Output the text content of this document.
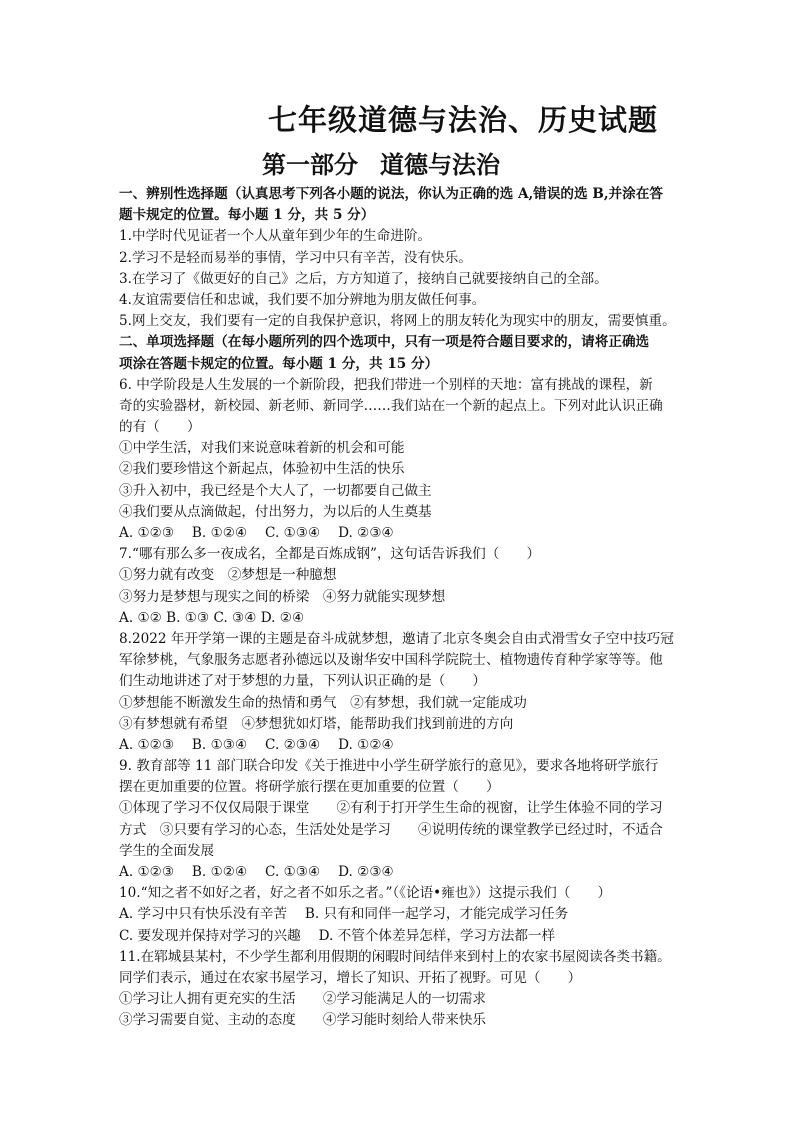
七年级道德与法治、历史试题
第一部分 道德与法治
一、辨别性选择题（认真思考下列各小题的说法，你认为正确的选 A,错误的选 B,并涂在答
题卡规定的位置。每小题 1 分，共 5 分）
1.中学时代见证者一个人从童年到少年的生命进阶。
2.学习不是轻而易举的事情，学习中只有辛苦，没有快乐。
3.在学习了《做更好的自己》之后，方方知道了，接纳自己就要接纳自己的全部。
4.友谊需要信任和忠诚，我们要不加分辨地为朋友做任何事。
5.网上交友，我们要有一定的自我保护意识，将网上的朋友转化为现实中的朋友，需要慎重。
二、单项选择题（在每小题所列的四个选项中，只有一项是符合题目要求的，请将正确选
项涂在答题卡规定的位置。每小题 1 分，共 15 分）
6. 中学阶段是人生发展的一个新阶段，把我们带进一个别样的天地：富有挑战的课程，新
奇的实验器材，新校园、新老师、新同学……我们站在一个新的起点上。下列对此认识正确
的有（　　）
①中学生活，对我们来说意味着新的机会和可能
②我们要珍惜这个新起点，体验初中生活的快乐
③升入初中，我已经是个大人了，一切都要自己做主
④我们要从点滴做起，付出努力，为以后的人生奠基
A. ①②③　 B. ①②④　 C. ①③④　 D. ②③④
7.“哪有那么多一夜成名，全都是百炼成钢”，这句话告诉我们（　　）
①努力就有改变　②梦想是一种臆想
③努力是梦想与现实之间的桥梁　④努力就能实现梦想
A. ①② B. ①③ C. ③④ D. ②④
8.2022 年开学第一课的主题是奋斗成就梦想，邀请了北京冬奥会自由式滑雪女子空中技巧冠
军徐梦桃，气象服务志愿者孙德远以及谢华安中国科学院院士、植物遗传育种学家等等。他
们生动地讲述了对于梦想的力量，下列认识正确的是（　　）
①梦想能不断激发生命的热情和勇气　②有梦想，我们就一定能成功
③有梦想就有希望　④梦想犹如灯塔，能帮助我们找到前进的方向
A. ①②③　 B. ①③④　 C. ②③④　 D. ①②④
9. 教育部等 11 部门联合印发《关于推进中小学生研学旅行的意见》，要求各地将研学旅行
摆在更加重要的位置。将研学旅行摆在更加重要的位置（　　）
①体现了学习不仅仅局限于课堂　　②有利于打开学生生命的视窗，让学生体验不同的学习
方式　③只要有学习的心态，生活处处是学习　　④说明传统的课堂教学已经过时，不适合
学生的全面发展
A. ①②③　 B. ①②④　 C. ①③④　 D. ②③④
10.“知之者不如好之者，好之者不如乐之者。”（《论语•雍也》）这提示我们（　　）
A. 学习中只有快乐没有辛苦　 B. 只有和同伴一起学习，才能完成学习任务
C. 要发现并保持对学习的兴趣　 D. 不管个体差异怎样，学习方法都一样
11.在郓城县某村，不少学生都利用假期的闲暇时间结伴来到村上的农家书屋阅读各类书籍。
同学们表示，通过在农家书屋学习，增长了知识、开拓了视野。可见（　　）
①学习让人拥有更充实的生活　　②学习能满足人的一切需求
③学习需要自觉、主动的态度　　④学习能时刻给人带来快乐
